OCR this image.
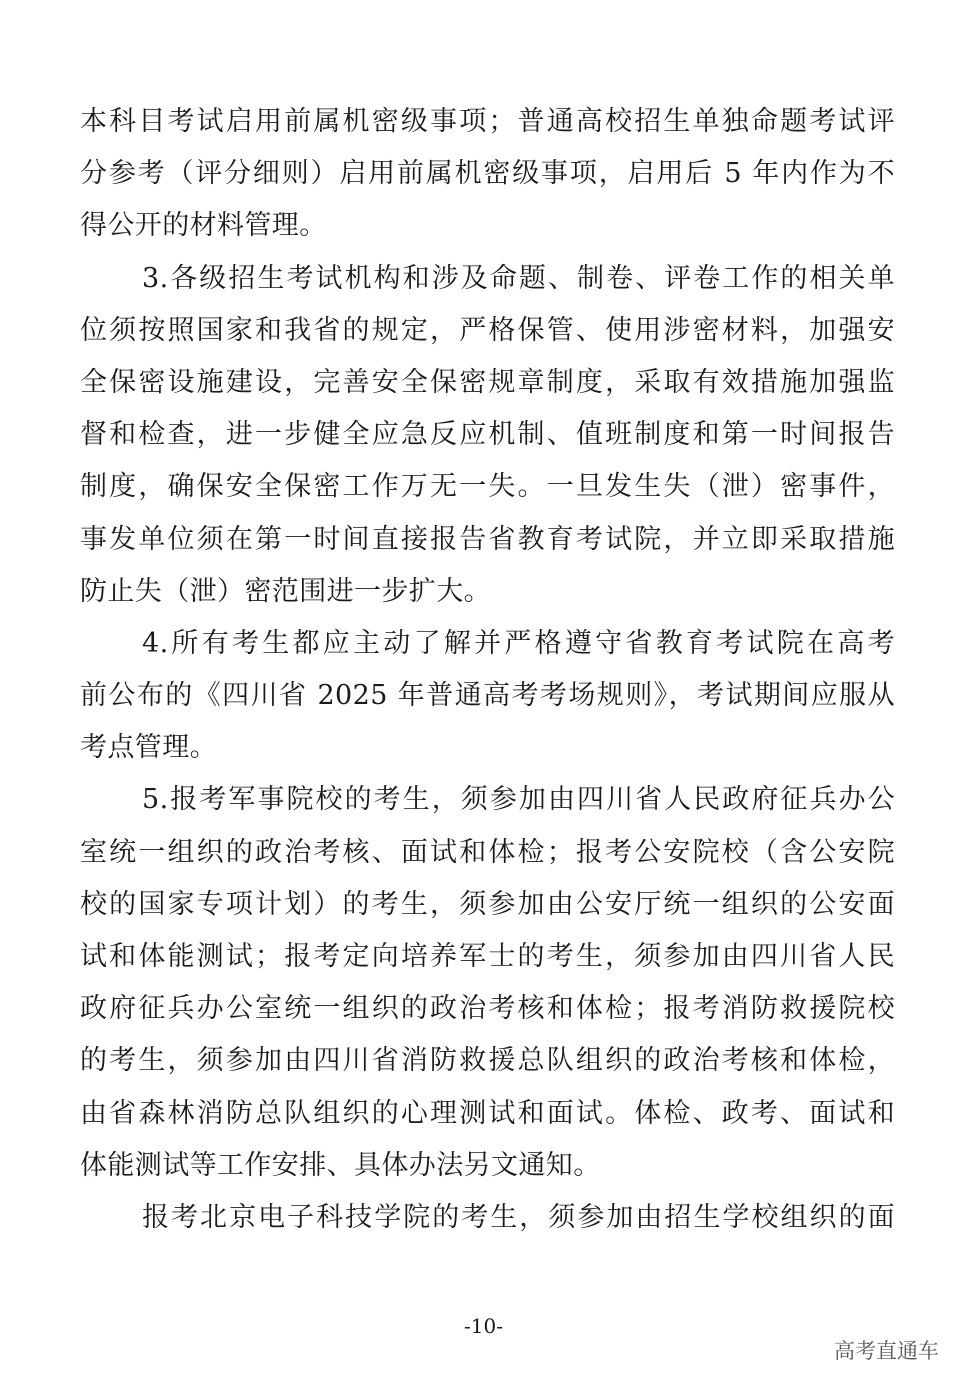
本科目考试启用前属机密级事项；普通高校招生单独命题考试评
分参考（评分细则）启用前属机密级事项，启用后 5 年内作为不
得公开的材料管理。
3.各级招生考试机构和涉及命题、制卷、评卷工作的相关单
位须按照国家和我省的规定，严格保管、使用涉密材料，加强安
全保密设施建设，完善安全保密规章制度，采取有效措施加强监
督和检查，进一步健全应急反应机制、值班制度和第一时间报告
制度，确保安全保密工作万无一失。一旦发生失（泄）密事件，
事发单位须在第一时间直接报告省教育考试院，并立即采取措施
防止失（泄）密范围进一步扩大。
4.所有考生都应主动了解并严格遵守省教育考试院在高考
前公布的《四川省 2025 年普通高考考场规则》，考试期间应服从
考点管理。
5.报考军事院校的考生，须参加由四川省人民政府征兵办公
室统一组织的政治考核、面试和体检；报考公安院校（含公安院
校的国家专项计划）的考生，须参加由公安厅统一组织的公安面
试和体能测试；报考定向培养军士的考生，须参加由四川省人民
政府征兵办公室统一组织的政治考核和体检；报考消防救援院校
的考生，须参加由四川省消防救援总队组织的政治考核和体检，
由省森林消防总队组织的心理测试和面试。体检、政考、面试和
体能测试等工作安排、具体办法另文通知。
报考北京电子科技学院的考生，须参加由招生学校组织的面
-10-
高考直通车
